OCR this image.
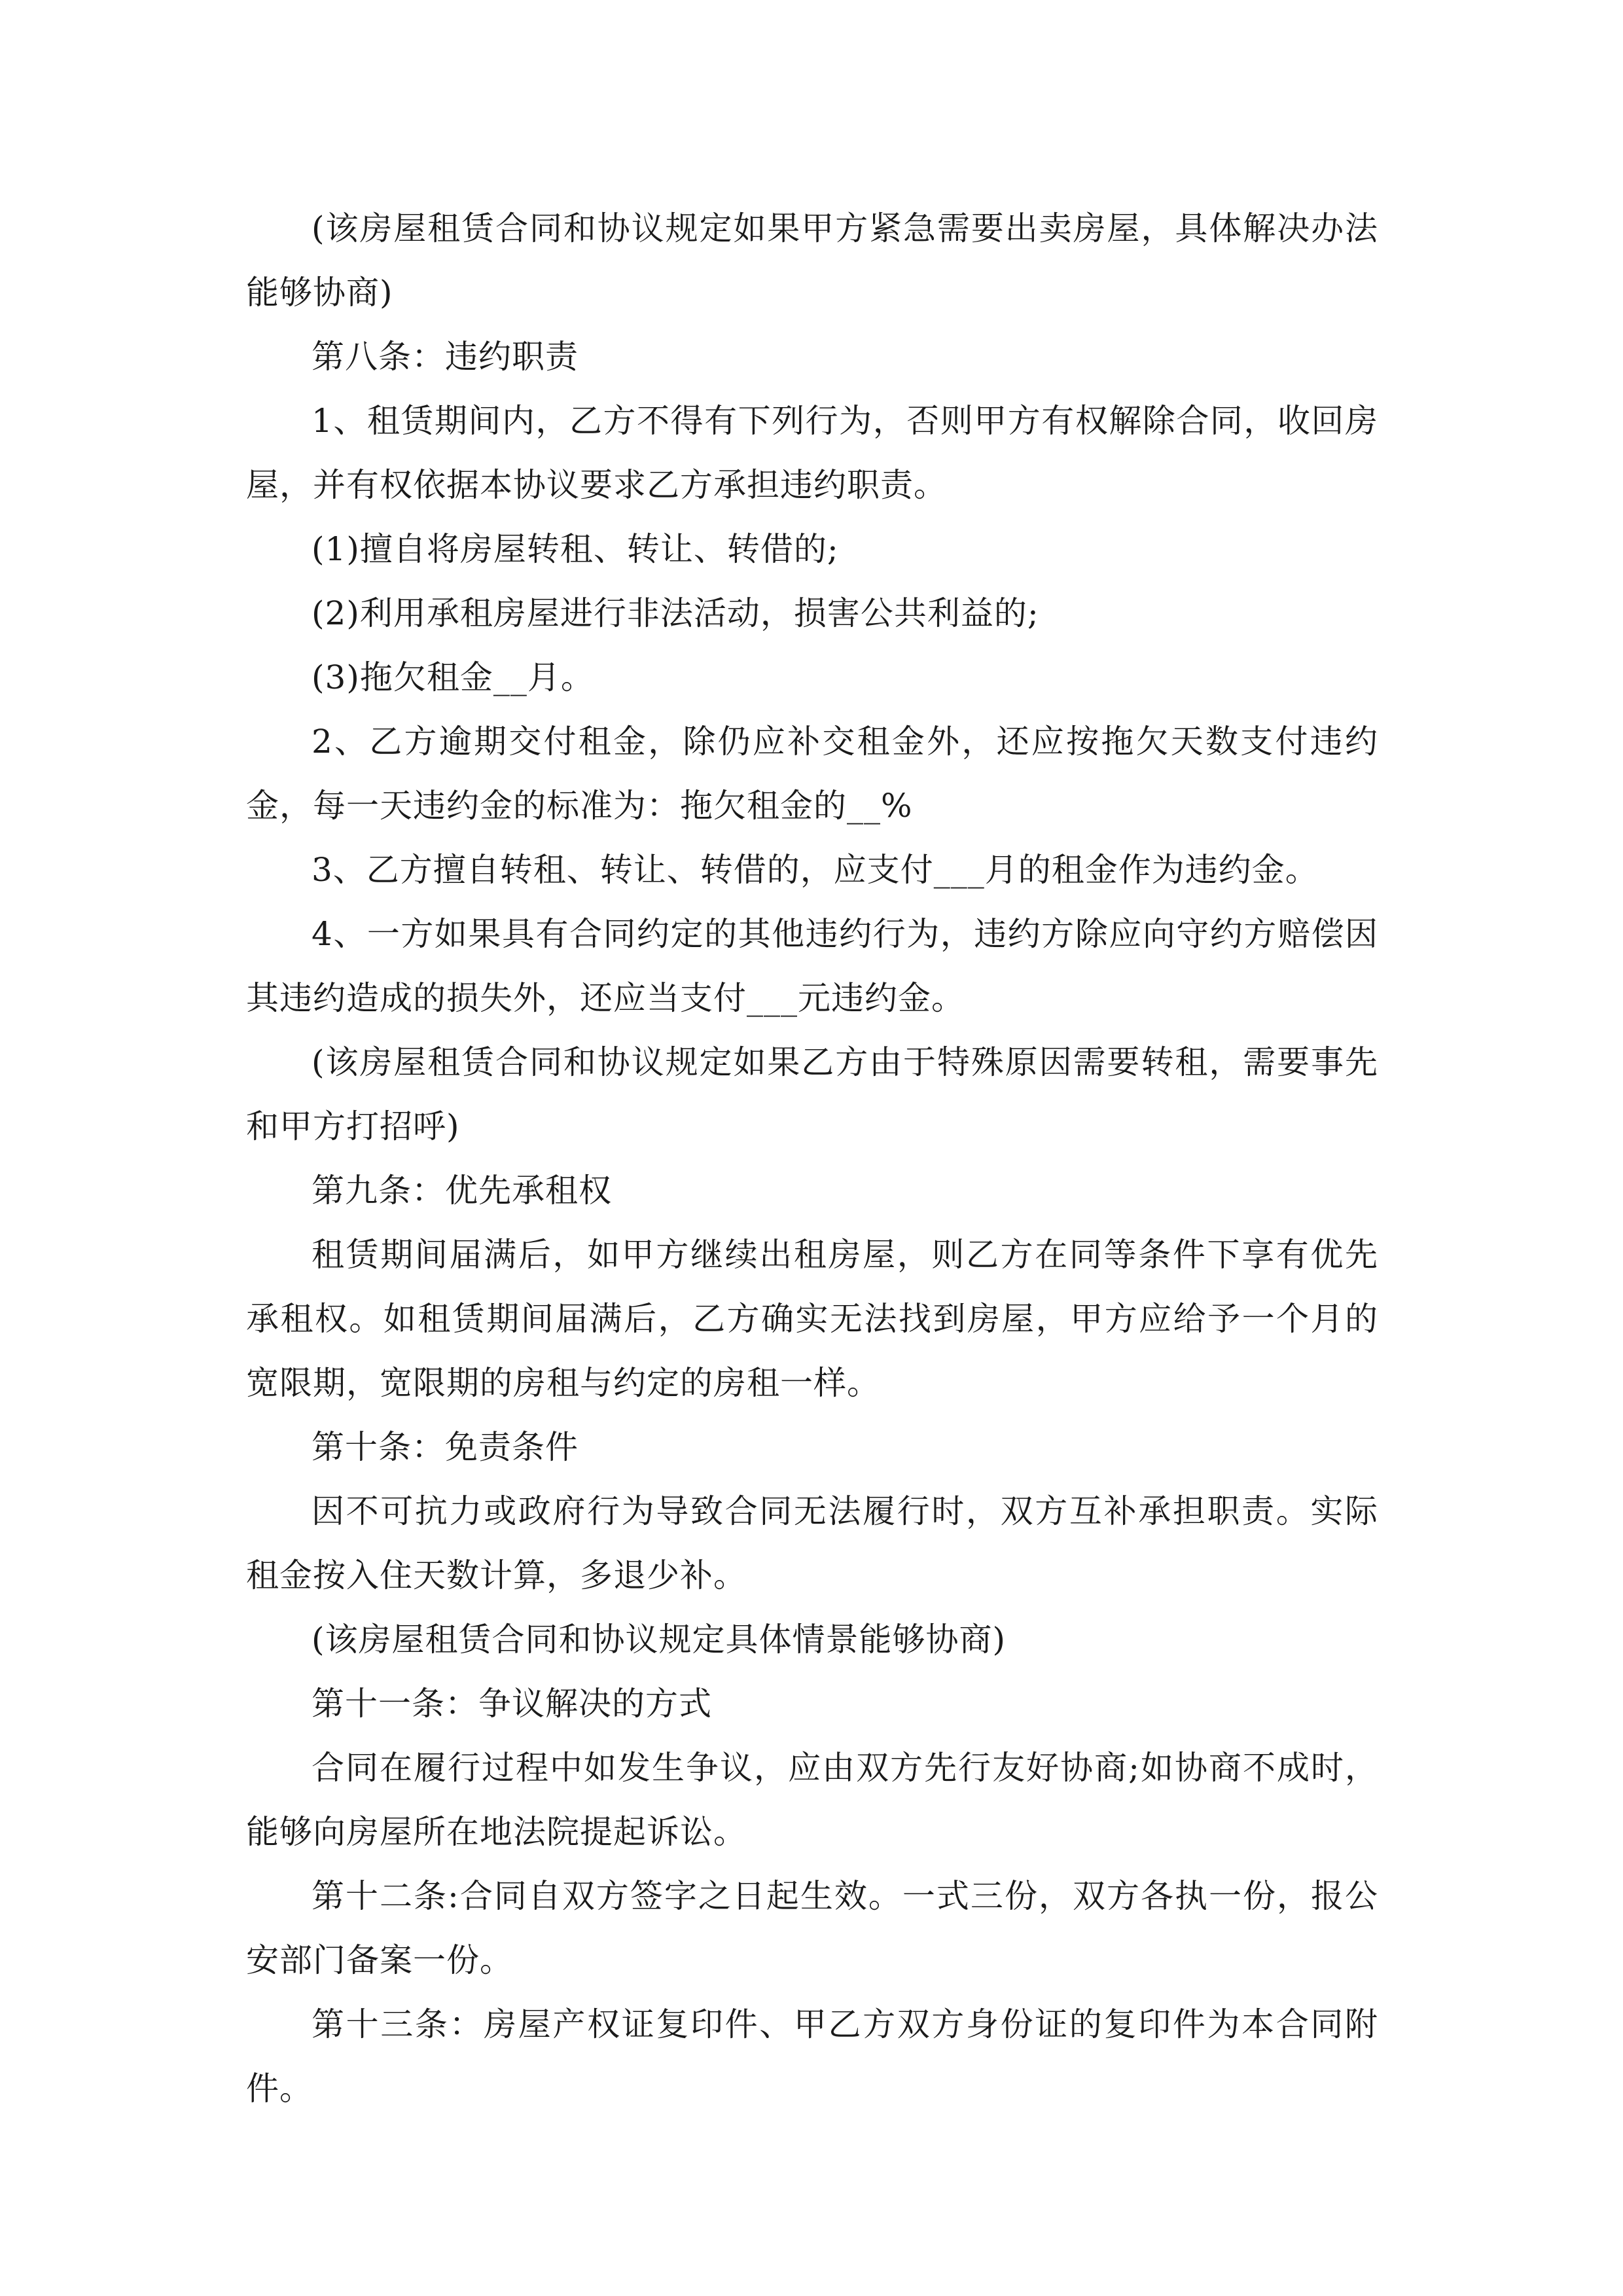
(该房屋租赁合同和协议规定如果甲方紧急需要出卖房屋，具体解决办法能够协商)

第八条：违约职责

1、租赁期间内，乙方不得有下列行为，否则甲方有权解除合同，收回房屋，并有权依据本协议要求乙方承担违约职责。

(1)擅自将房屋转租、转让、转借的;

(2)利用承租房屋进行非法活动，损害公共利益的;

(3)拖欠租金__月。

2、乙方逾期交付租金，除仍应补交租金外，还应按拖欠天数支付违约金，每一天违约金的标准为：拖欠租金的__%

3、乙方擅自转租、转让、转借的，应支付___月的租金作为违约金。

4、一方如果具有合同约定的其他违约行为，违约方除应向守约方赔偿因其违约造成的损失外，还应当支付___元违约金。

(该房屋租赁合同和协议规定如果乙方由于特殊原因需要转租，需要事先和甲方打招呼)

第九条：优先承租权

租赁期间届满后，如甲方继续出租房屋，则乙方在同等条件下享有优先承租权。如租赁期间届满后，乙方确实无法找到房屋，甲方应给予一个月的宽限期，宽限期的房租与约定的房租一样。

第十条：免责条件

因不可抗力或政府行为导致合同无法履行时，双方互补承担职责。实际租金按入住天数计算，多退少补。

(该房屋租赁合同和协议规定具体情景能够协商)

第十一条：争议解决的方式

合同在履行过程中如发生争议，应由双方先行友好协商;如协商不成时，能够向房屋所在地法院提起诉讼。

第十二条:合同自双方签字之日起生效。一式三份，双方各执一份，报公安部门备案一份。

第十三条：房屋产权证复印件、甲乙方双方身份证的复印件为本合同附件。
